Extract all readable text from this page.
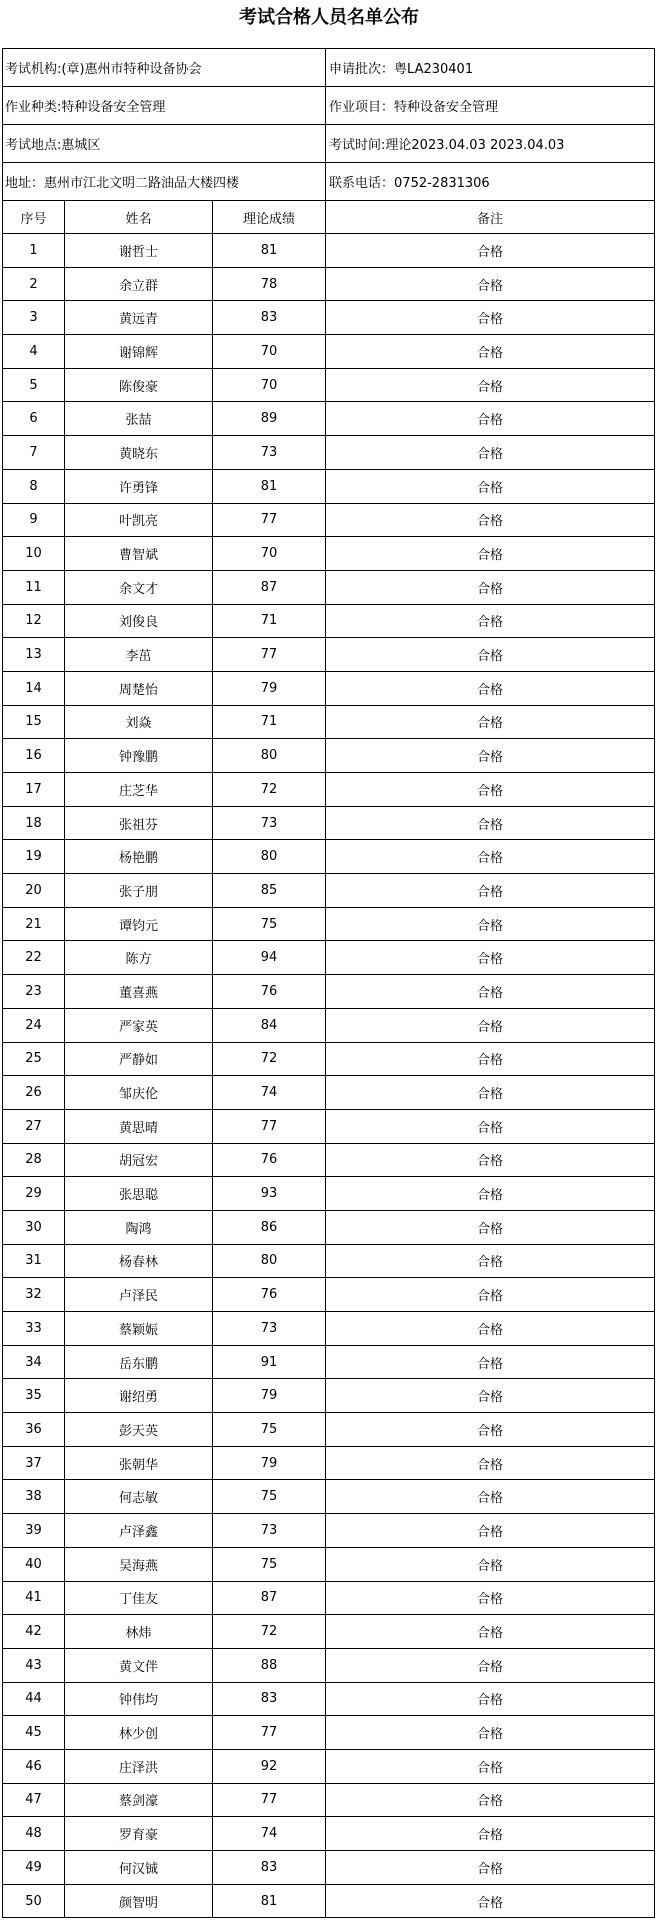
考试合格人员名单公布
考试机构:(章)惠州市特种设备协会			申请批次：粤LA230401
作业种类:特种设备安全管理			作业项目：特种设备安全管理
考试地点:惠城区			考试时间:理论2023.04.03 2023.04.03
地址：惠州市江北文明二路油品大楼四楼			联系电话：0752-2831306
序号	姓名	理论成绩	备注
1	谢哲士	81	合格
2	余立群	78	合格
3	黄远青	83	合格
4	谢锦辉	70	合格
5	陈俊豪	70	合格
6	张喆	89	合格
7	黄晓东	73	合格
8	许勇锋	81	合格
9	叶凯亮	77	合格
10	曹智斌	70	合格
11	余文才	87	合格
12	刘俊良	71	合格
13	李茁	77	合格
14	周楚怡	79	合格
15	刘焱	71	合格
16	钟豫鹏	80	合格
17	庄芝华	72	合格
18	张祖芬	73	合格
19	杨艳鹏	80	合格
20	张子朋	85	合格
21	谭钧元	75	合格
22	陈方	94	合格
23	董喜燕	76	合格
24	严家英	84	合格
25	严静如	72	合格
26	邹庆伦	74	合格
27	黄思晴	77	合格
28	胡冠宏	76	合格
29	张思聪	93	合格
30	陶鸿	86	合格
31	杨春林	80	合格
32	卢泽民	76	合格
33	蔡颖娠	73	合格
34	岳东鹏	91	合格
35	谢绍勇	79	合格
36	彭天英	75	合格
37	张朝华	79	合格
38	何志敏	75	合格
39	卢泽鑫	73	合格
40	吴海燕	75	合格
41	丁佳友	87	合格
42	林炜	72	合格
43	黄文伴	88	合格
44	钟伟均	83	合格
45	林少创	77	合格
46	庄泽洪	92	合格
47	蔡剑濠	77	合格
48	罗育豪	74	合格
49	何汉铖	83	合格
50	颜智明	81	合格
